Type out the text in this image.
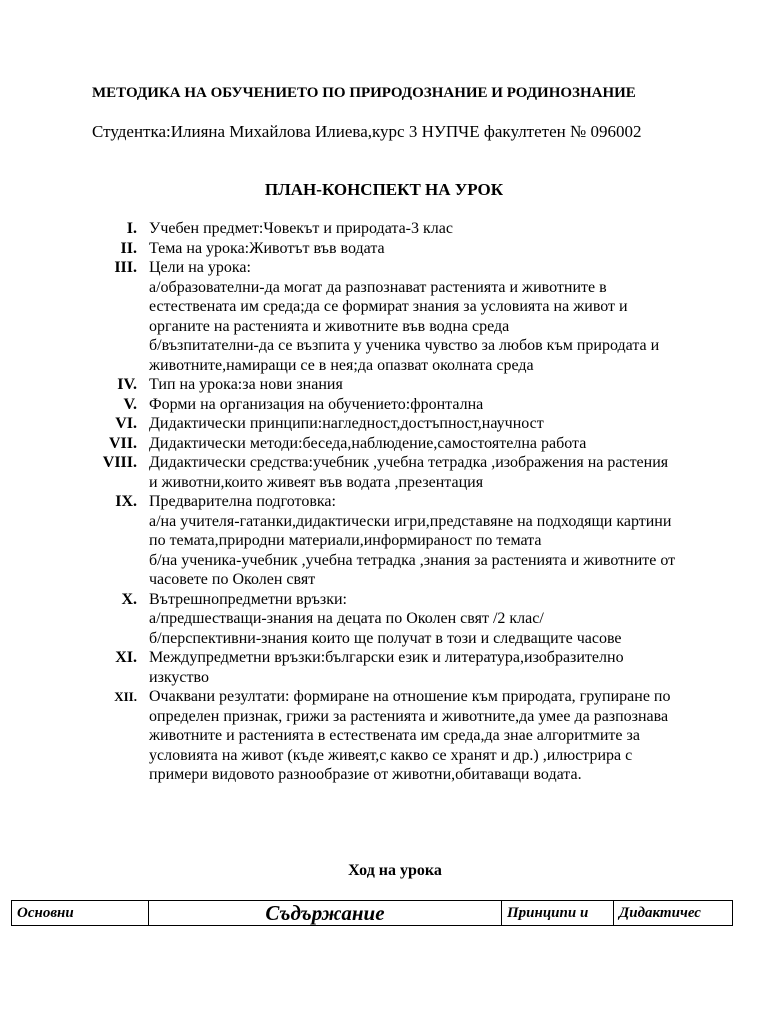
МЕТОДИКА НА ОБУЧЕНИЕТО ПО ПРИРОДОЗНАНИЕ И РОДИНОЗНАНИЕ
Студентка:Илияна Михайлова Илиева,курс 3 НУПЧЕ факултетен № 096002
ПЛАН-КОНСПЕКТ НА УРОК
I. Учебен предмет:Човекът и природата-3 клас
II. Тема на урока:Животът във водата
III. Цели на урока:
а/образователни-да могат да разпознават растенията и животните в естествената им среда;да се формират знания за условията на живот и органите на растенията и животните във водна среда
б/възпитателни-да се възпита у ученика чувство за любов към природата и животните,намиращи се в нея;да опазват околната среда
IV. Тип на урока:за нови знания
V. Форми на организация на обучението:фронтална
VI. Дидактически принципи:нагледност,достъпност,научност
VII. Дидактически методи:беседа,наблюдение,самостоятелна работа
VIII. Дидактически средства:учебник ,учебна тетрадка ,изображения на растения и животни,които живеят във водата ,презентация
IX. Предварителна подготовка:
а/на учителя-гатанки,дидактически игри,представяне на подходящи картини по темата,природни материали,информираност по темата
б/на ученика-учебник ,учебна тетрадка ,знания за растенията и животните от часовете по Околен свят
X. Вътрешнопредметни връзки:
а/предшестващи-знания на децата по Околен свят /2 клас/
б/перспективни-знания които ще получат в този и следващите часове
XI. Междупредметни връзки:български език и литература,изобразително изкуство
XII. Очаквани резултати: формиране на отношение към природата, групиране по определен признак, грижи за растенията и животните,да умее да разпознава животните и растенията в естествената им среда,да знае алгоритмите за условията на живот (къде живеят,с какво се хранят и др.) ,илюстрира с примери видовото разнообразие от животни,обитаващи водата.
Ход на урока
Основни	Съдържание	Принципи и	Дидактичес
